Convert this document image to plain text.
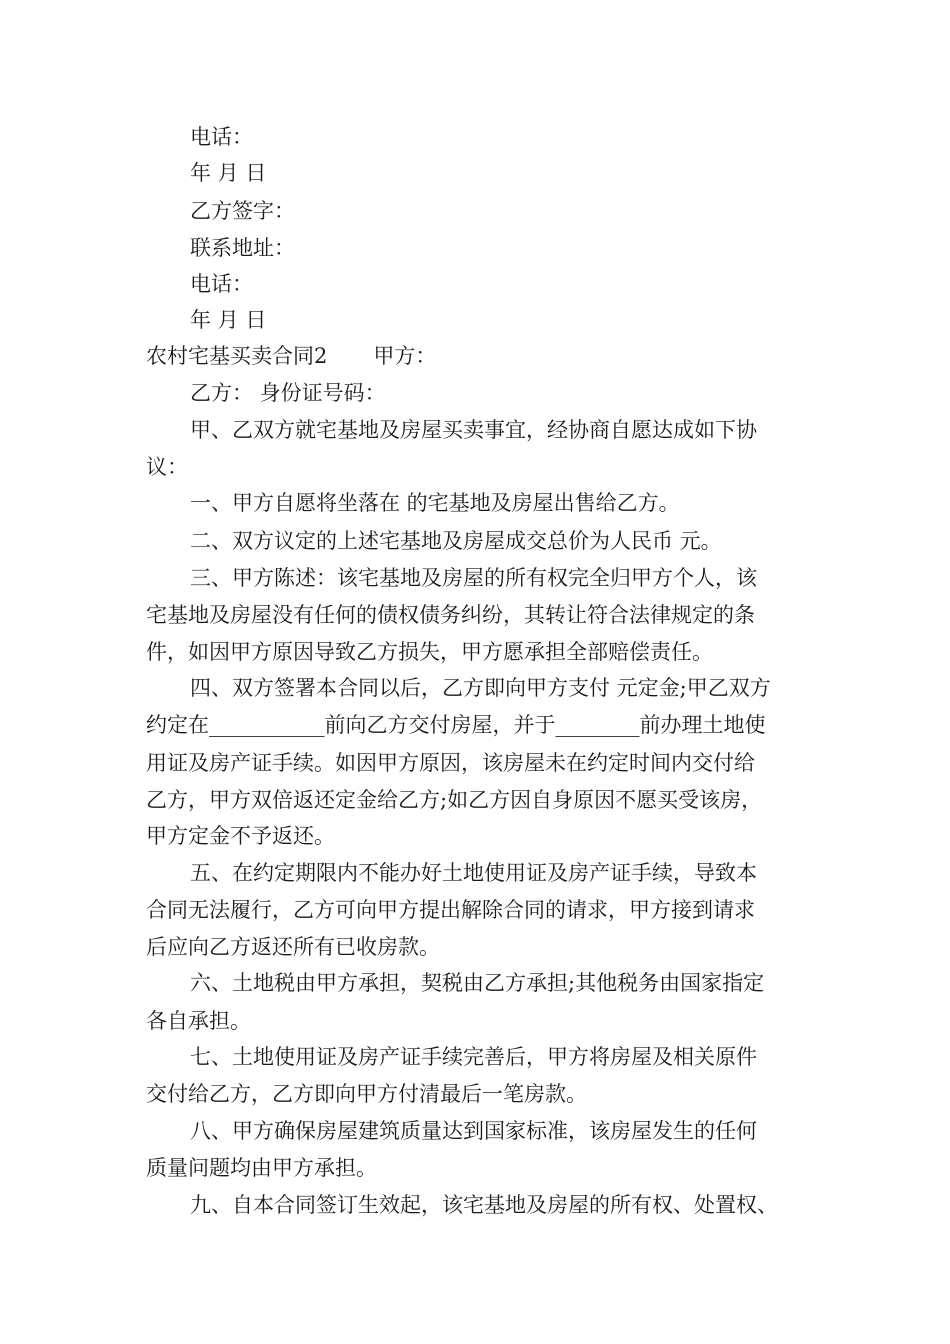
电话：
年 月 日
乙方签字：
联系地址：
电话：
年 月 日
农村宅基买卖合同2 甲方：
乙方： 身份证号码：
甲、乙双方就宅基地及房屋买卖事宜，经协商自愿达成如下协
议：
一、甲方自愿将坐落在 的宅基地及房屋出售给乙方。
二、双方议定的上述宅基地及房屋成交总价为人民币 元。
三、甲方陈述：该宅基地及房屋的所有权完全归甲方个人，该
宅基地及房屋没有任何的债权债务纠纷，其转让符合法律规定的条
件，如因甲方原因导致乙方损失，甲方愿承担全部赔偿责任。
四、双方签署本合同以后，乙方即向甲方支付 元定金;甲乙双方
约定在___________前向乙方交付房屋，并于________前办理土地使
用证及房产证手续。如因甲方原因，该房屋未在约定时间内交付给
乙方，甲方双倍返还定金给乙方;如乙方因自身原因不愿买受该房，
甲方定金不予返还。
五、在约定期限内不能办好土地使用证及房产证手续，导致本
合同无法履行，乙方可向甲方提出解除合同的请求，甲方接到请求
后应向乙方返还所有已收房款。
六、土地税由甲方承担，契税由乙方承担;其他税务由国家指定
各自承担。
七、土地使用证及房产证手续完善后，甲方将房屋及相关原件
交付给乙方，乙方即向甲方付清最后一笔房款。
八、甲方确保房屋建筑质量达到国家标准，该房屋发生的任何
质量问题均由甲方承担。
九、自本合同签订生效起，该宅基地及房屋的所有权、处置权、
